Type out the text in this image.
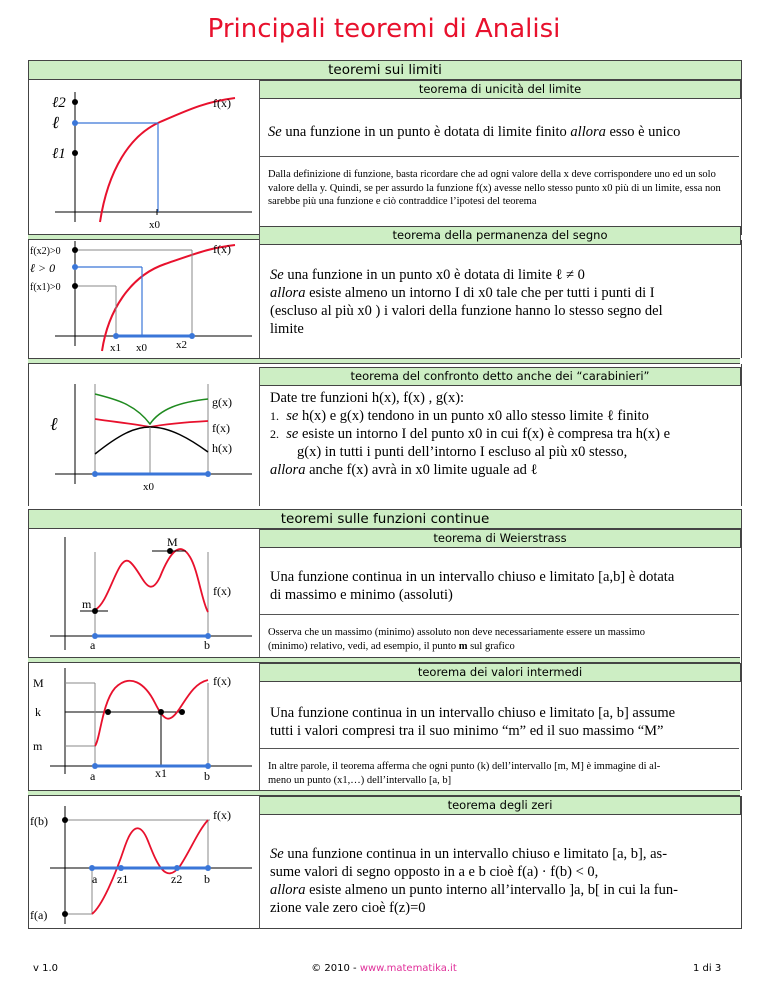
Principali teoremi di Analisi
teoremi sui limiti
teorema di unicità del limite
ℓ2
ℓ
ℓ1
f(x)
x0
Se una funzione in un punto è dotata di limite finito allora esso è unico
Dalla definizione di funzione, basta ricordare che ad ogni valore della x deve corrispondere uno ed un solo valore della y. Quindi, se per assurdo la funzione f(x) avesse nello stesso punto x0 più di un limite, essa non sarebbe più una funzione e ciò contraddice l’ipotesi del teorema
teorema della permanenza del segno
f(x2)>0
ℓ > 0
f(x1)>0
f(x)
x1 x0	x2
Se una funzione in un punto x0 è dotata di limite ℓ ≠ 0
allora esiste almeno un intorno I di x0 tale che per tutti i punti di I
(escluso al più x0 ) i valori della funzione hanno lo stesso segno del
limite
teorema del confronto detto anche dei “carabinieri”
g(x)
f(x)
h(x)
ℓ
x0
Date tre funzioni h(x), f(x) , g(x):
1. se h(x) e g(x) tendono in un punto x0 allo stesso limite ℓ finito
2. se esiste un intorno I del punto x0 in cui f(x) è compresa tra h(x) e
g(x) in tutti i punti dell’intorno I escluso al più x0 stesso,
allora anche f(x) avrà in x0 limite uguale ad ℓ
teoremi sulle funzioni continue
teorema di Weierstrass
M
m
f(x)
a	b
Una funzione continua in un intervallo chiuso e limitato [a,b] è dotata
di massimo e minimo (assoluti)
Osserva che un massimo (minimo) assoluto non deve necessariamente essere un massimo
(minimo) relativo, vedi, ad esempio, il punto m sul grafico
teorema dei valori intermedi
M
k
m
f(x)
a	x1	b
Una funzione continua in un intervallo chiuso e limitato [a, b] assume
tutti i valori compresi tra il suo minimo “m” ed il suo massimo “M”
In altre parole, il teorema afferma che ogni punto (k) dell’intervallo [m, M] è immagine di al-
meno un punto (x1,…) dell’intervallo [a, b]
teorema degli zeri
f(b)
f(a)
f(x)
a z1	z2 b
Se una funzione continua in un intervallo chiuso e limitato [a, b], as-
sume valori di segno opposto in a e b cioè f(a) · f(b) < 0,
allora esiste almeno un punto interno all’intervallo ]a, b[ in cui la fun-
zione vale zero cioè f(z)=0
v 1.0	© 2010 - www.matematika.it	1 di 3
